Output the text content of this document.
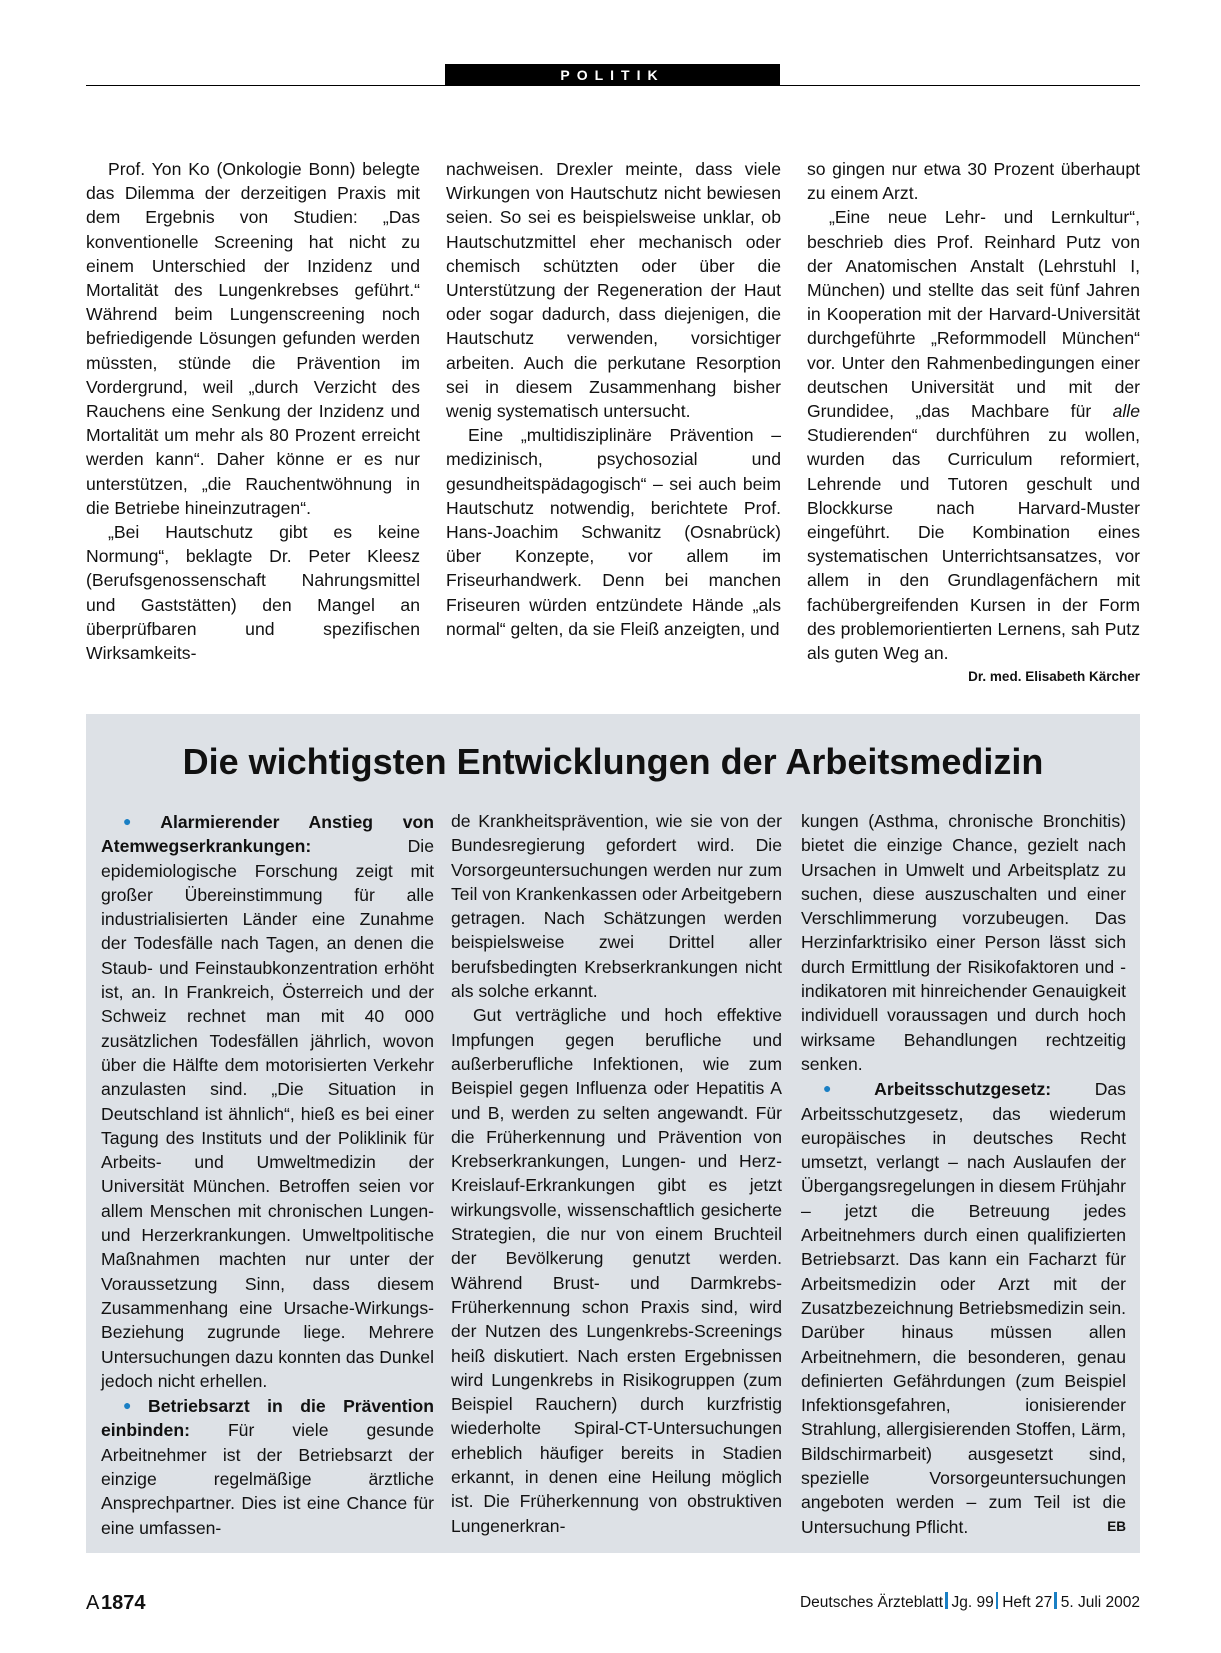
POLITIK

Prof. Yon Ko (Onkologie Bonn) belegte das Dilemma der derzeitigen Praxis mit dem Ergebnis von Studien: „Das konventionelle Screening hat nicht zu einem Unterschied der Inzidenz und Mortalität des Lungenkrebses geführt.“ Während beim Lungenscreening noch befriedigende Lösungen gefunden werden müssten, stünde die Prävention im Vordergrund, weil „durch Verzicht des Rauchens eine Senkung der Inzidenz und Mortalität um mehr als 80 Prozent erreicht werden kann“. Daher könne er es nur unterstützen, „die Rauchentwöhnung in die Betriebe hineinzutragen“.

„Bei Hautschutz gibt es keine Normung“, beklagte Dr. Peter Kleesz (Berufsgenossenschaft Nahrungsmittel und Gaststätten) den Mangel an überprüfbaren und spezifischen Wirksamkeits-

nachweisen. Drexler meinte, dass viele Wirkungen von Hautschutz nicht bewiesen seien. So sei es beispielsweise unklar, ob Hautschutzmittel eher mechanisch oder chemisch schützten oder über die Unterstützung der Regeneration der Haut oder sogar dadurch, dass diejenigen, die Hautschutz verwenden, vorsichtiger arbeiten. Auch die perkutane Resorption sei in diesem Zusammenhang bisher wenig systematisch untersucht.

Eine „multidisziplinäre Prävention – medizinisch, psychosozial und gesundheitspädagogisch“ – sei auch beim Hautschutz notwendig, berichtete Prof. Hans-Joachim Schwanitz (Osnabrück) über Konzepte, vor allem im Friseurhandwerk. Denn bei manchen Friseuren würden entzündete Hände „als normal“ gelten, da sie Fleiß anzeigten, und

so gingen nur etwa 30 Prozent überhaupt zu einem Arzt.

„Eine neue Lehr- und Lernkultur“, beschrieb dies Prof. Reinhard Putz von der Anatomischen Anstalt (Lehrstuhl I, München) und stellte das seit fünf Jahren in Kooperation mit der Harvard-Universität durchgeführte „Reformmodell München“ vor. Unter den Rahmenbedingungen einer deutschen Universität und mit der Grundidee, „das Machbare für alle Studierenden“ durchführen zu wollen, wurden das Curriculum reformiert, Lehrende und Tutoren geschult und Blockkurse nach Harvard-Muster eingeführt. Die Kombination eines systematischen Unterrichtsansatzes, vor allem in den Grundlagenfächern mit fachübergreifenden Kursen in der Form des problemorientierten Lernens, sah Putz als guten Weg an.
Dr. med. Elisabeth Kärcher

Die wichtigsten Entwicklungen der Arbeitsmedizin

● Alarmierender Anstieg von Atemwegserkrankungen: Die epidemiologische Forschung zeigt mit großer Übereinstimmung für alle industrialisierten Länder eine Zunahme der Todesfälle nach Tagen, an denen die Staub- und Feinstaubkonzentration erhöht ist, an. In Frankreich, Österreich und der Schweiz rechnet man mit 40 000 zusätzlichen Todesfällen jährlich, wovon über die Hälfte dem motorisierten Verkehr anzulasten sind. „Die Situation in Deutschland ist ähnlich“, hieß es bei einer Tagung des Instituts und der Poliklinik für Arbeits- und Umweltmedizin der Universität München. Betroffen seien vor allem Menschen mit chronischen Lungen- und Herzerkrankungen. Umweltpolitische Maßnahmen machten nur unter der Voraussetzung Sinn, dass diesem Zusammenhang eine Ursache-Wirkungs-Beziehung zugrunde liege. Mehrere Untersuchungen dazu konnten das Dunkel jedoch nicht erhellen.

● Betriebsarzt in die Prävention einbinden: Für viele gesunde Arbeitnehmer ist der Betriebsarzt der einzige regelmäßige ärztliche Ansprechpartner. Dies ist eine Chance für eine umfassen-

de Krankheitsprävention, wie sie von der Bundesregierung gefordert wird. Die Vorsorgeuntersuchungen werden nur zum Teil von Krankenkassen oder Arbeitgebern getragen. Nach Schätzungen werden beispielsweise zwei Drittel aller berufsbedingten Krebserkrankungen nicht als solche erkannt.

Gut verträgliche und hoch effektive Impfungen gegen berufliche und außerberufliche Infektionen, wie zum Beispiel gegen Influenza oder Hepatitis A und B, werden zu selten angewandt. Für die Früherkennung und Prävention von Krebserkrankungen, Lungen- und Herz-Kreislauf-Erkrankungen gibt es jetzt wirkungsvolle, wissenschaftlich gesicherte Strategien, die nur von einem Bruchteil der Bevölkerung genutzt werden. Während Brust- und Darmkrebs-Früherkennung schon Praxis sind, wird der Nutzen des Lungenkrebs-Screenings heiß diskutiert. Nach ersten Ergebnissen wird Lungenkrebs in Risikogruppen (zum Beispiel Rauchern) durch kurzfristig wiederholte Spiral-CT-Untersuchungen erheblich häufiger bereits in Stadien erkannt, in denen eine Heilung möglich ist. Die Früherkennung von obstruktiven Lungenerkran-

kungen (Asthma, chronische Bronchitis) bietet die einzige Chance, gezielt nach Ursachen in Umwelt und Arbeitsplatz zu suchen, diese auszuschalten und einer Verschlimmerung vorzubeugen. Das Herzinfarktrisiko einer Person lässt sich durch Ermittlung der Risikofaktoren und -indikatoren mit hinreichender Genauigkeit individuell voraussagen und durch hoch wirksame Behandlungen rechtzeitig senken.

● Arbeitsschutzgesetz: Das Arbeitsschutzgesetz, das wiederum europäisches in deutsches Recht umsetzt, verlangt – nach Auslaufen der Übergangsregelungen in diesem Frühjahr – jetzt die Betreuung jedes Arbeitnehmers durch einen qualifizierten Betriebsarzt. Das kann ein Facharzt für Arbeitsmedizin oder Arzt mit der Zusatzbezeichnung Betriebsmedizin sein. Darüber hinaus müssen allen Arbeitnehmern, die besonderen, genau definierten Gefährdungen (zum Beispiel Infektionsgefahren, ionisierender Strahlung, allergisierenden Stoffen, Lärm, Bildschirmarbeit) ausgesetzt sind, spezielle Vorsorgeuntersuchungen angeboten werden – zum Teil ist die Untersuchung Pflicht.	EB

A 1874	Deutsches Ärzteblatt Jg. 99 Heft 27 5. Juli 2002
